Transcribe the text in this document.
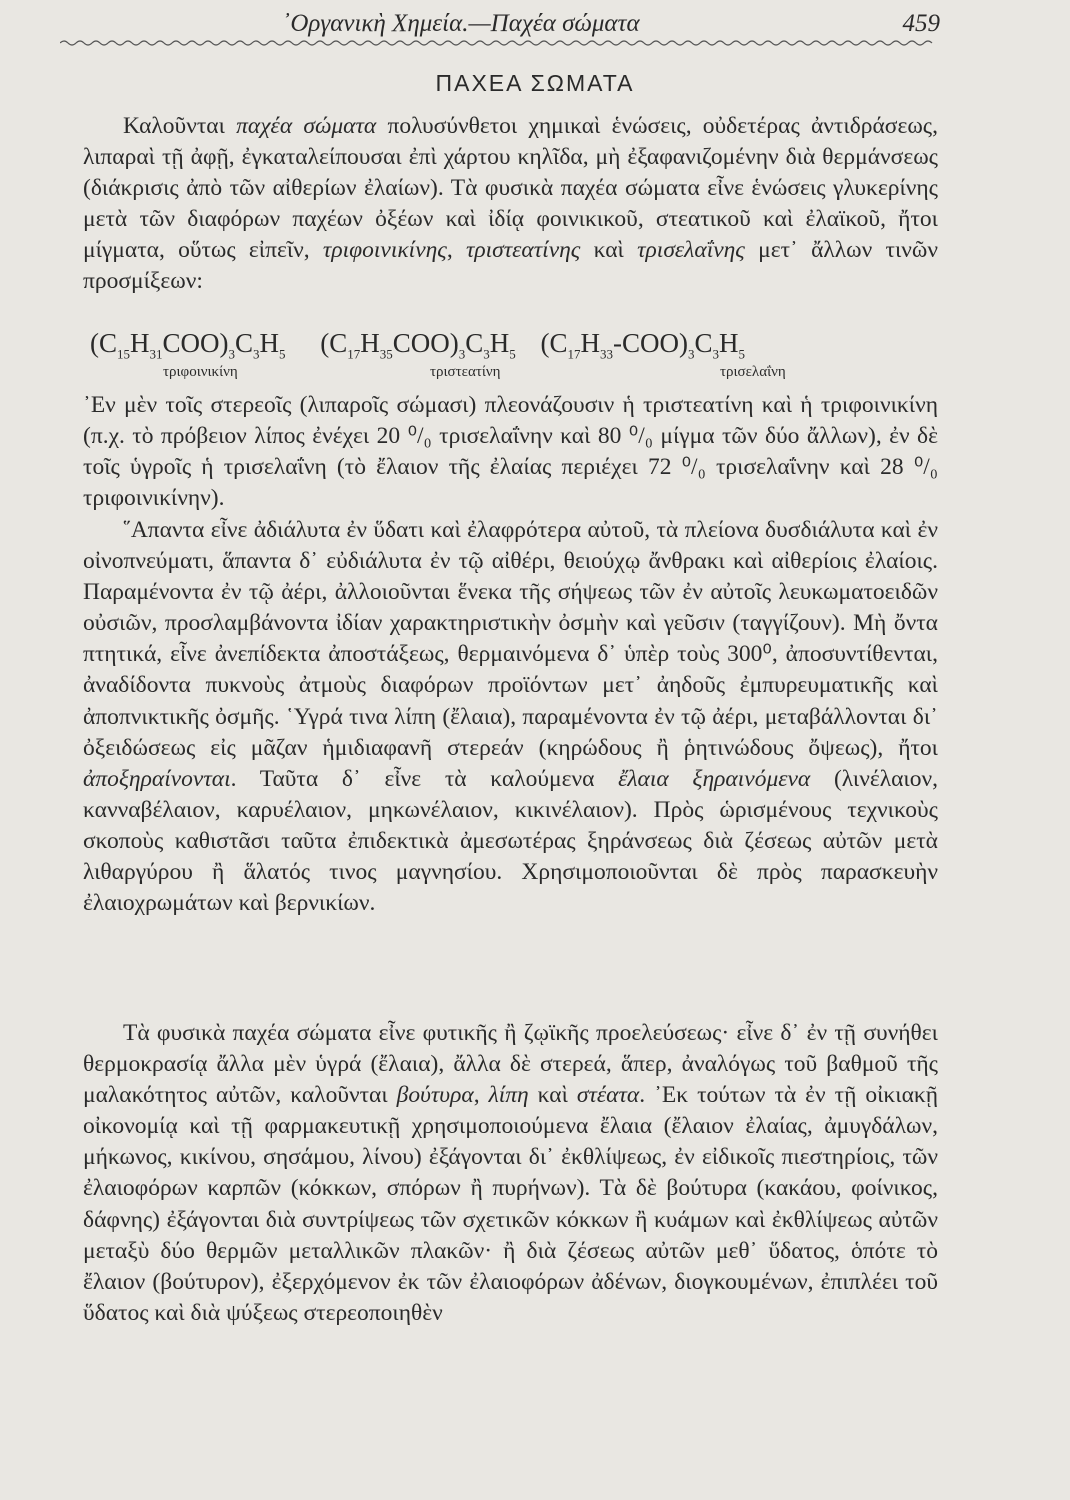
᾿Οργανικὴ Χημεία.—Παχέα σώματα	459
ΠΑΧΕΑ ΣΩΜΑΤΑ

Καλοῦνται παχέα σώματα πολυσύνθετοι χημικαὶ ἑνώσεις, οὐδετέρας ἀντιδράσεως, λιπαραὶ τῇ ἀφῇ, ἐγκαταλείπουσαι ἐπὶ χάρτου κηλῖδα, μὴ ἐξαφανιζομένην διὰ θερμάνσεως (διάκρισις ἀπὸ τῶν αἰθερίων ἐλαίων). Τὰ φυσικὰ παχέα σώματα εἶνε ἑνώσεις γλυκερίνης μετὰ τῶν διαφόρων παχέων ὀξέων καὶ ἰδίᾳ φοινικικοῦ, στεατικοῦ καὶ ἐλαϊκοῦ, ἤτοι μίγματα, οὕτως εἰπεῖν, τριφοινικίνης, τριστεατίνης καὶ τρισελαΐνης μετ᾿ ἄλλων τινῶν προσμίξεων:

$(C_{15}H_{31}COO)_3C_3H_5$ $(C_{17}H_{35}COO)_3C_3H_5$ $(C_{17}H_{33}-COO)_3C_3H_5$
τριφοινικίνη	τριστεατίνη	τρισελαΐνη

᾿Εν μὲν τοῖς στερεοῖς (λιπαροῖς σώμασι) πλεονάζουσιν ἡ τριστεατίνη καὶ ἡ τριφοινικίνη (π.χ. τὸ πρόβειον λίπος ἐνέχει 20 ⁰/₀ τρισελαΐνην καὶ 80 ⁰/₀ μίγμα τῶν δύο ἄλλων), ἐν δὲ τοῖς ὑγροῖς ἡ τρισελαΐνη (τὸ ἔλαιον τῆς ἐλαίας περιέχει 72 ⁰/₀ τρισελαΐνην καὶ 28 ⁰/₀ τριφοινικίνην).

῞Απαντα εἶνε ἀδιάλυτα ἐν ὕδατι καὶ ἐλαφρότερα αὐτοῦ, τὰ πλείονα δυσδιάλυτα καὶ ἐν οἰνοπνεύματι, ἅπαντα δ᾿ εὐδιάλυτα ἐν τῷ αἰθέρι, θειούχῳ ἄνθρακι καὶ αἰθερίοις ἐλαίοις. Παραμένοντα ἐν τῷ ἀέρι, ἀλλοιοῦνται ἕνεκα τῆς σήψεως τῶν ἐν αὐτοῖς λευκωματοειδῶν οὐσιῶν, προσλαμβάνοντα ἰδίαν χαρακτηριστικὴν ὀσμὴν καὶ γεῦσιν (ταγγίζουν). Μὴ ὄντα πτητικά, εἶνε ἀνεπίδεκτα ἀποστάξεως, θερμαινόμενα δ᾿ ὑπὲρ τοὺς 300⁰, ἀποσυντίθενται, ἀναδίδοντα πυκνοὺς ἀτμοὺς διαφόρων προϊόντων μετ᾿ ἀηδοῦς ἐμπυρευματικῆς καὶ ἀποπνικτικῆς ὀσμῆς. ῾Υγρά τινα λίπη (ἔλαια), παραμένοντα ἐν τῷ ἀέρι, μεταβάλλονται δι᾿ ὀξειδώσεως εἰς μᾶζαν ἡμιδιαφανῆ στερεάν (κηρώδους ἢ ῥητινώδους ὄψεως), ἤτοι ἀποξηραίνονται. Ταῦτα δ᾿ εἶνε τὰ καλούμενα ἔλαια ξηραινόμενα (λινέλαιον, κανναβέλαιον, καρυέλαιον, μηκωνέλαιον, κικινέλαιον). Πρὸς ὡρισμένους τεχνικοὺς σκοποὺς καθιστᾶσι ταῦτα ἐπιδεκτικὰ ἀμεσωτέρας ξηράνσεως διὰ ζέσεως αὐτῶν μετὰ λιθαργύρου ἢ ἅλατός τινος μαγνησίου. Χρησιμοποιοῦνται δὲ πρὸς παρασκευὴν ἐλαιοχρωμάτων καὶ βερνικίων.

Τὰ φυσικὰ παχέα σώματα εἶνε φυτικῆς ἢ ζῳϊκῆς προελεύσεως· εἶνε δ᾿ ἐν τῇ συνήθει θερμοκρασίᾳ ἄλλα μὲν ὑγρά (ἔλαια), ἄλλα δὲ στερεά, ἅπερ, ἀναλόγως τοῦ βαθμοῦ τῆς μαλακότητος αὐτῶν, καλοῦνται βούτυρα, λίπη καὶ στέατα. ᾿Εκ τούτων τὰ ἐν τῇ οἰκιακῇ οἰκονομίᾳ καὶ τῇ φαρμακευτικῇ χρησιμοποιούμενα ἔλαια (ἔλαιον ἐλαίας, ἀμυγδάλων, μήκωνος, κικίνου, σησάμου, λίνου) ἐξάγονται δι᾿ ἐκθλίψεως, ἐν εἰδικοῖς πιεστηρίοις, τῶν ἐλαιοφόρων καρπῶν (κόκκων, σπόρων ἢ πυρήνων). Τὰ δὲ βούτυρα (κακάου, φοίνικος, δάφνης) ἐξάγονται διὰ συντρίψεως τῶν σχετικῶν κόκκων ἢ κυάμων καὶ ἐκθλίψεως αὐτῶν μεταξὺ δύο θερμῶν μεταλλικῶν πλακῶν· ἢ διὰ ζέσεως αὐτῶν μεθ᾿ ὕδατος, ὁπότε τὸ ἔλαιον (βούτυρον), ἐξερχόμενον ἐκ τῶν ἐλαιοφόρων ἀδένων, διογκουμένων, ἐπιπλέει τοῦ ὕδατος καὶ διὰ ψύξεως στερεοποιηθὲν
